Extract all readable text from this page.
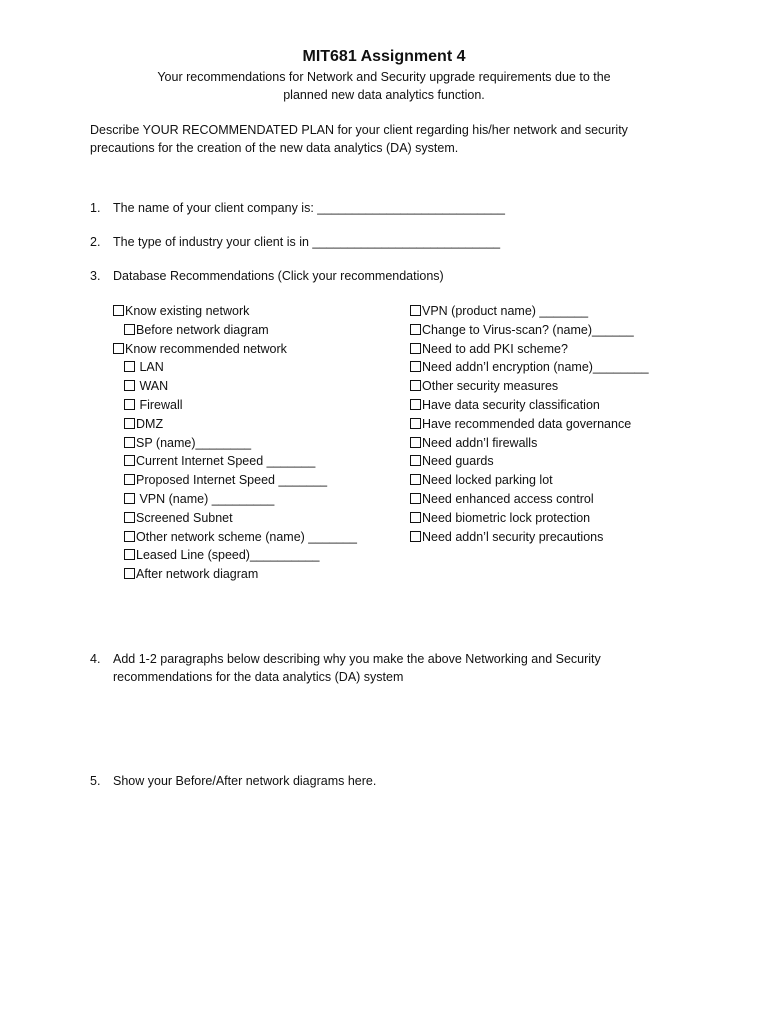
MIT681 Assignment 4
Your recommendations for Network and Security upgrade requirements due to the planned new data analytics function.
Describe YOUR RECOMMENDATED PLAN for your client regarding his/her network and security precautions for the creation of the new data analytics (DA) system.
1. The name of your client company is: ___________________________
2. The type of industry your client is in ___________________________
3. Database Recommendations (Click your recommendations)
Know existing network
Before network diagram
Know recommended network
LAN
WAN
Firewall
DMZ
SP (name)________
Current Internet Speed _______
Proposed Internet Speed _______
VPN (name) _________
Screened Subnet
Other network scheme (name) _______
Leased Line (speed)__________
After network diagram
VPN (product name) _______
Change to Virus-scan? (name)______
Need to add PKI scheme?
Need addn’l encryption (name)________
Other security measures
Have data security classification
Have recommended data governance
Need addn’l firewalls
Need guards
Need locked parking lot
Need enhanced access control
Need biometric lock protection
Need addn’l security precautions
4. Add 1-2 paragraphs below describing why you make the above Networking and Security recommendations for the data analytics (DA) system
5. Show your Before/After network diagrams here.
